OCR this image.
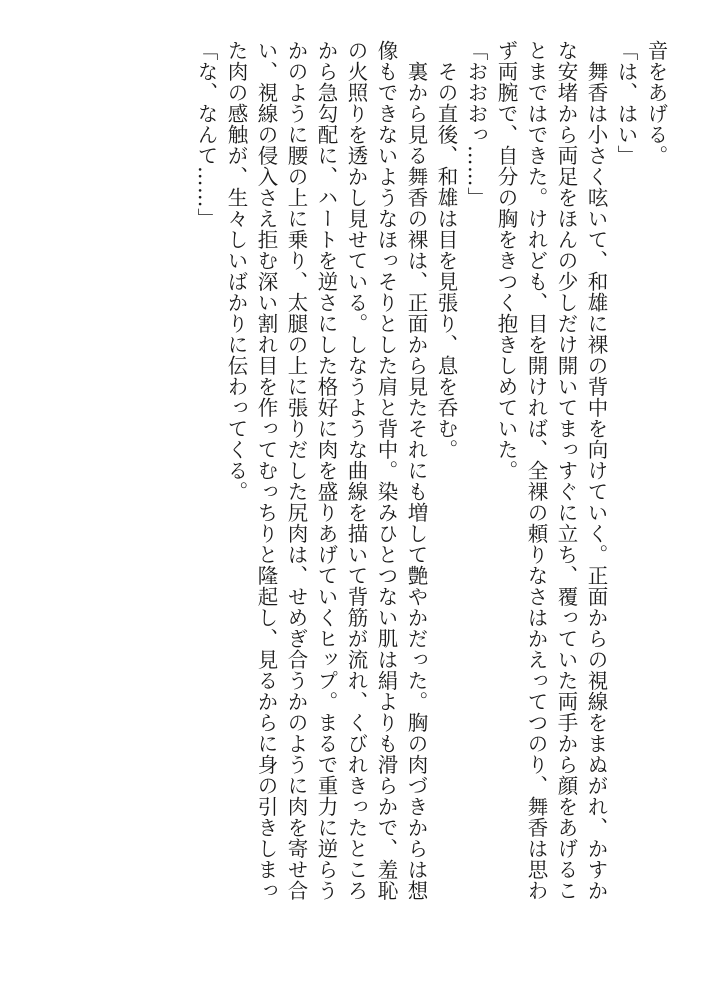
音をあげる。
「は、はい」
　舞香は小さく呟いて、和雄に裸の背中を向けていく。正面からの視線をまぬがれ、かすか
な安堵から両足をほんの少しだけ開いてまっすぐに立ち、覆っていた両手から顔をあげるこ
とまではできた。けれども、目を開ければ、全裸の頼りなさはかえってつのり、舞香は思わ
ず両腕で、自分の胸をきつく抱きしめていた。
「おおおっ……」
　その直後、和雄は目を見張り、息を呑む。
　裏から見る舞香の裸は、正面から見たそれにも増して艶やかだった。胸の肉づきからは想
像もできないようなほっそりとした肩と背中。染みひとつない肌は絹よりも滑らかで、羞恥
の火照りを透かし見せている。しなうような曲線を描いて背筋が流れ、くびれきったところ
から急勾配に、ハートを逆さにした格好に肉を盛りあげていくヒップ。まるで重力に逆らう
かのように腰の上に乗り、太腿の上に張りだした尻肉は、せめぎ合うかのように肉を寄せ合
い、視線の侵入さえ拒む深い割れ目を作ってむっちりと隆起し、見るからに身の引きしまっ
た肉の感触が、生々しいばかりに伝わってくる。
「な、なんて……」
